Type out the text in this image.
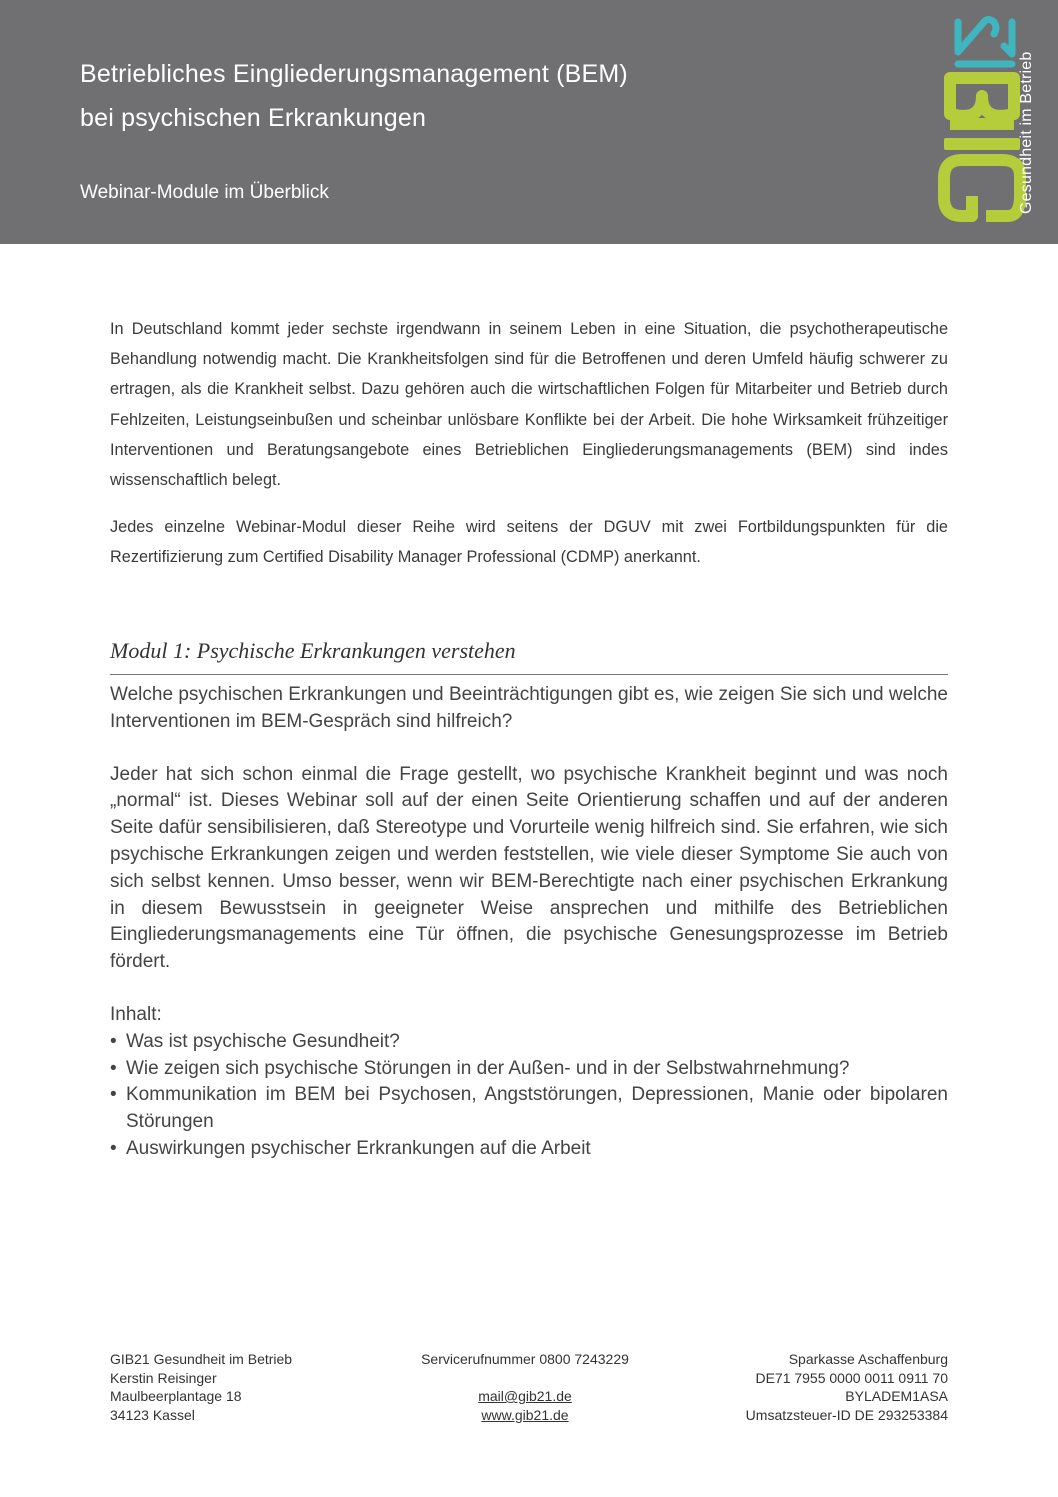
Betriebliches Eingliederungsmanagement (BEM)
bei psychischen Erkrankungen
Webinar-Module im Überblick	Gesundheit im Betrieb

In Deutschland kommt jeder sechste irgendwann in seinem Leben in eine Situation, die psychotherapeutische Behandlung notwendig macht. Die Krankheitsfolgen sind für die Betroffenen und deren Umfeld häufig schwerer zu ertragen, als die Krankheit selbst. Dazu gehören auch die wirtschaftlichen Folgen für Mitarbeiter und Betrieb durch Fehlzeiten, Leistungseinbußen und scheinbar unlösbare Konflikte bei der Arbeit. Die hohe Wirksamkeit frühzeitiger Interventionen und Beratungsangebote eines Betrieblichen Eingliederungsmanagements (BEM) sind indes wissenschaftlich belegt.

Jedes einzelne Webinar-Modul dieser Reihe wird seitens der DGUV mit zwei Fortbildungspunkten für die Rezertifizierung zum Certified Disability Manager Professional (CDMP) anerkannt.

Modul 1: Psychische Erkrankungen verstehen

Welche psychischen Erkrankungen und Beeinträchtigungen gibt es, wie zeigen Sie sich und welche Interventionen im BEM-Gespräch sind hilfreich?

Jeder hat sich schon einmal die Frage gestellt, wo psychische Krankheit beginnt und was noch „normal“ ist. Dieses Webinar soll auf der einen Seite Orientierung schaffen und auf der anderen Seite dafür sensibilisieren, daß Stereotype und Vorurteile wenig hilfreich sind. Sie erfahren, wie sich psychische Erkrankungen zeigen und werden feststellen, wie viele dieser Symptome Sie auch von sich selbst kennen. Umso besser, wenn wir BEM-Berechtigte nach einer psychischen Erkrankung in diesem Bewusstsein in geeigneter Weise ansprechen und mithilfe des Betrieblichen Eingliederungsmanagements eine Tür öffnen, die psychische Genesungsprozesse im Betrieb fördert.

Inhalt:
• Was ist psychische Gesundheit?
• Wie zeigen sich psychische Störungen in der Außen- und in der Selbstwahrnehmung?
• Kommunikation im BEM bei Psychosen, Angststörungen, Depressionen, Manie oder bipolaren Störungen
• Auswirkungen psychischer Erkrankungen auf die Arbeit
GIB21 Gesundheit im Betrieb
Kerstin Reisinger
Maulbeerplantage 18
34123 Kassel
Servicerufnummer 0800 7243229
mail@gib21.de
www.gib21.de
Sparkasse Aschaffenburg
DE71 7955 0000 0011 0911 70
BYLADEM1ASA
Umsatzsteuer-ID DE 293253384
